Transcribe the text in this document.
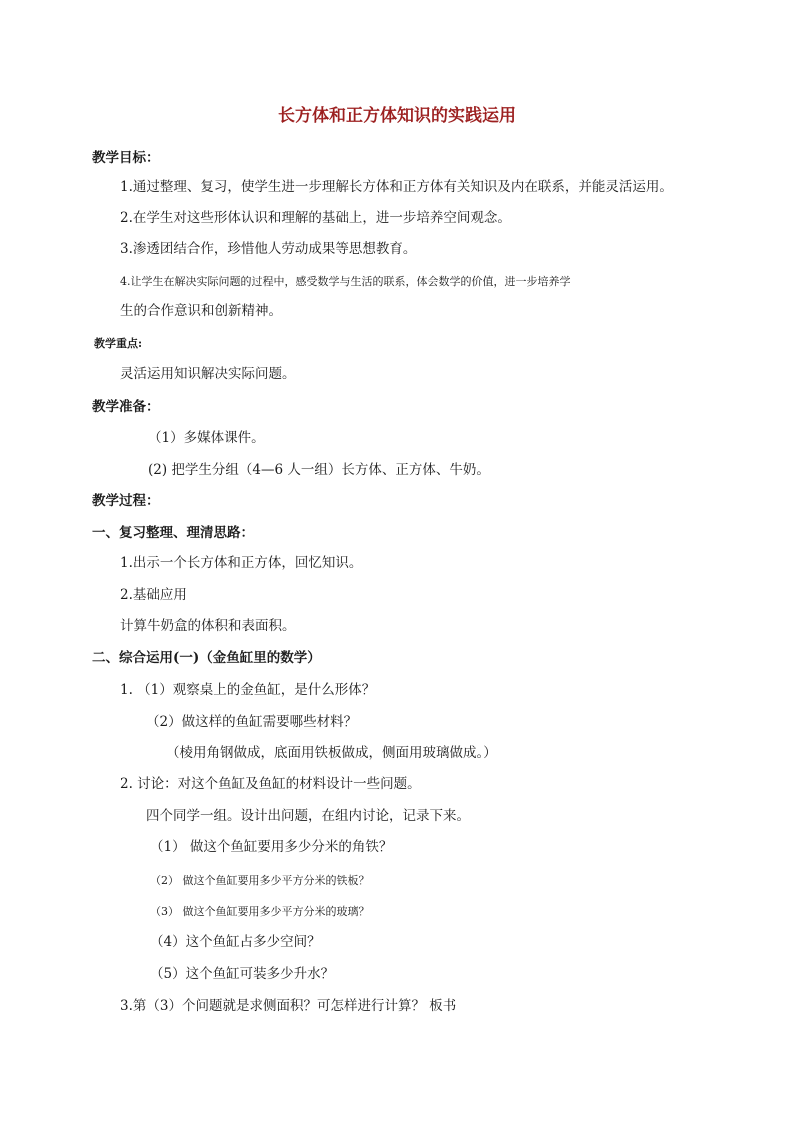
长方体和正方体知识的实践运用
教学目标：
1.通过整理、复习，使学生进一步理解长方体和正方体有关知识及内在联系，并能灵活运用。
2.在学生对这些形体认识和理解的基础上，进一步培养空间观念。
3.渗透团结合作，珍惜他人劳动成果等思想教育。
4.让学生在解决实际问题的过程中，感受数学与生活的联系，体会数学的价值，进一步培养学
生的合作意识和创新精神。
教学重点:
灵活运用知识解决实际问题。
教学准备：
（1）多媒体课件。
(2) 把学生分组（4—6 人一组）长方体、正方体、牛奶。
教学过程：
一、复习整理、理清思路：
1.出示一个长方体和正方体，回忆知识。
2.基础应用
计算牛奶盒的体积和表面积。
二、综合运用(一)（金鱼缸里的数学）
1. （1）观察桌上的金鱼缸，是什么形体？
（2）做这样的鱼缸需要哪些材料？
（棱用角钢做成，底面用铁板做成，侧面用玻璃做成。）
2. 讨论：对这个鱼缸及鱼缸的材料设计一些问题。
四个同学一组。设计出问题，在组内讨论，记录下来。
（1） 做这个鱼缸要用多少分米的角铁？
（2） 做这个鱼缸要用多少平方分米的铁板？
（3） 做这个鱼缸要用多少平方分米的玻璃？
（4）这个鱼缸占多少空间？
（5）这个鱼缸可装多少升水？
3.第（3）个问题就是求侧面积？可怎样进行计算？ 板书
